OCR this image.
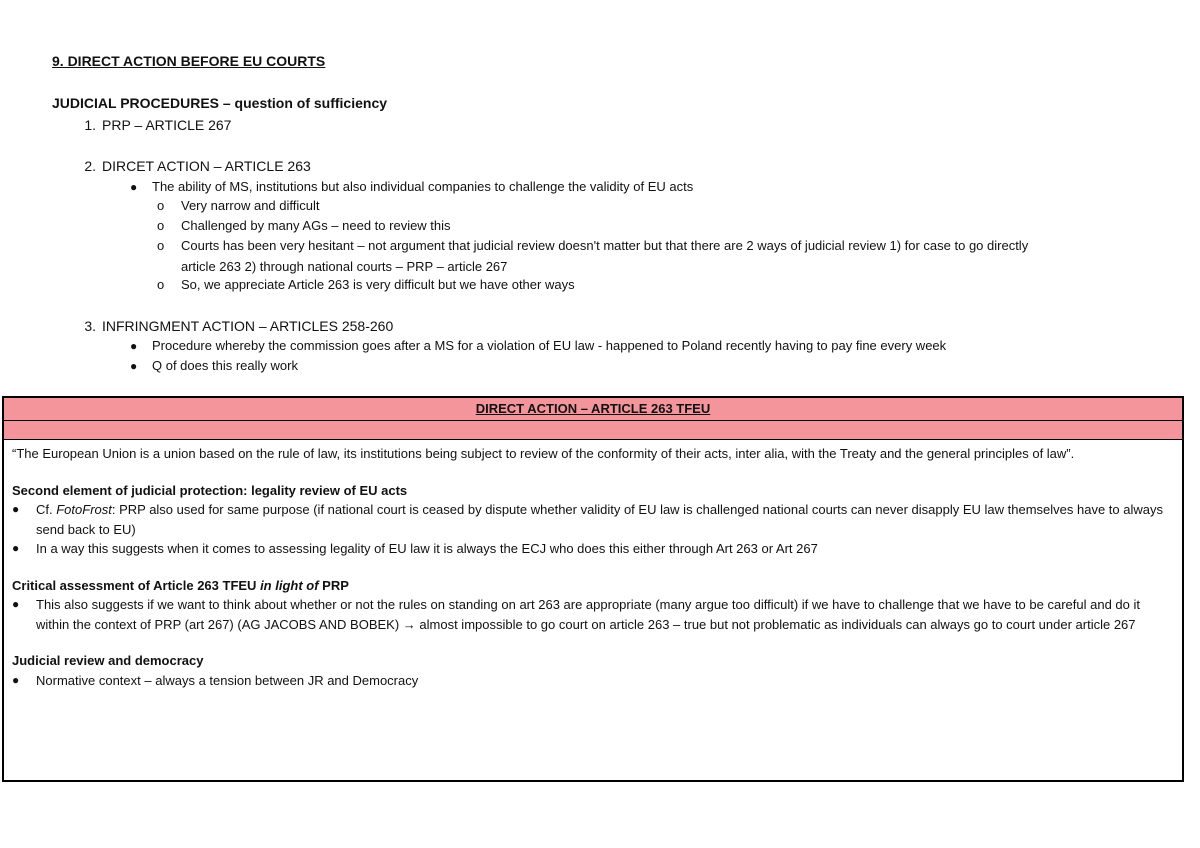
9. DIRECT ACTION BEFORE EU COURTS
JUDICIAL PROCEDURES – question of sufficiency
1. PRP – ARTICLE 267
2. DIRCET ACTION – ARTICLE 263
● The ability of MS, institutions but also individual companies to challenge the validity of EU acts
o Very narrow and difficult
o Challenged by many AGs – need to review this
o Courts has been very hesitant – not argument that judicial review doesn't matter but that there are 2 ways of judicial review 1) for case to go directly
article 263 2) through national courts – PRP – article 267
o So, we appreciate Article 263 is very difficult but we have other ways
3. INFRINGMENT ACTION – ARTICLES 258-260
● Procedure whereby the commission goes after a MS for a violation of EU law - happened to Poland recently having to pay fine every week
● Q of does this really work
DIRECT ACTION – ARTICLE 263 TFEU

“The European Union is a union based on the rule of law, its institutions being subject to review of the conformity of their acts, inter alia, with the Treaty and the general principles of law”.

Second element of judicial protection: legality review of EU acts

● Cf. FotoFrost: PRP also used for same purpose (if national court is ceased by dispute whether validity of EU law is challenged national courts can never disapply EU law themselves have to always send back to EU)

● In a way this suggests when it comes to assessing legality of EU law it is always the ECJ who does this either through Art 263 or Art 267

Critical assessment of Article 263 TFEU in light of PRP

● This also suggests if we want to think about whether or not the rules on standing on art 263 are appropriate (many argue too difficult) if we have to challenge that we have to be careful and do it within the context of PRP (art 267) (AG JACOBS AND BOBEK) → almost impossible to go court on article 263 – true but not problematic as individuals can always go to court under article 267

Judicial review and democracy

● Normative context – always a tension between JR and Democracy
